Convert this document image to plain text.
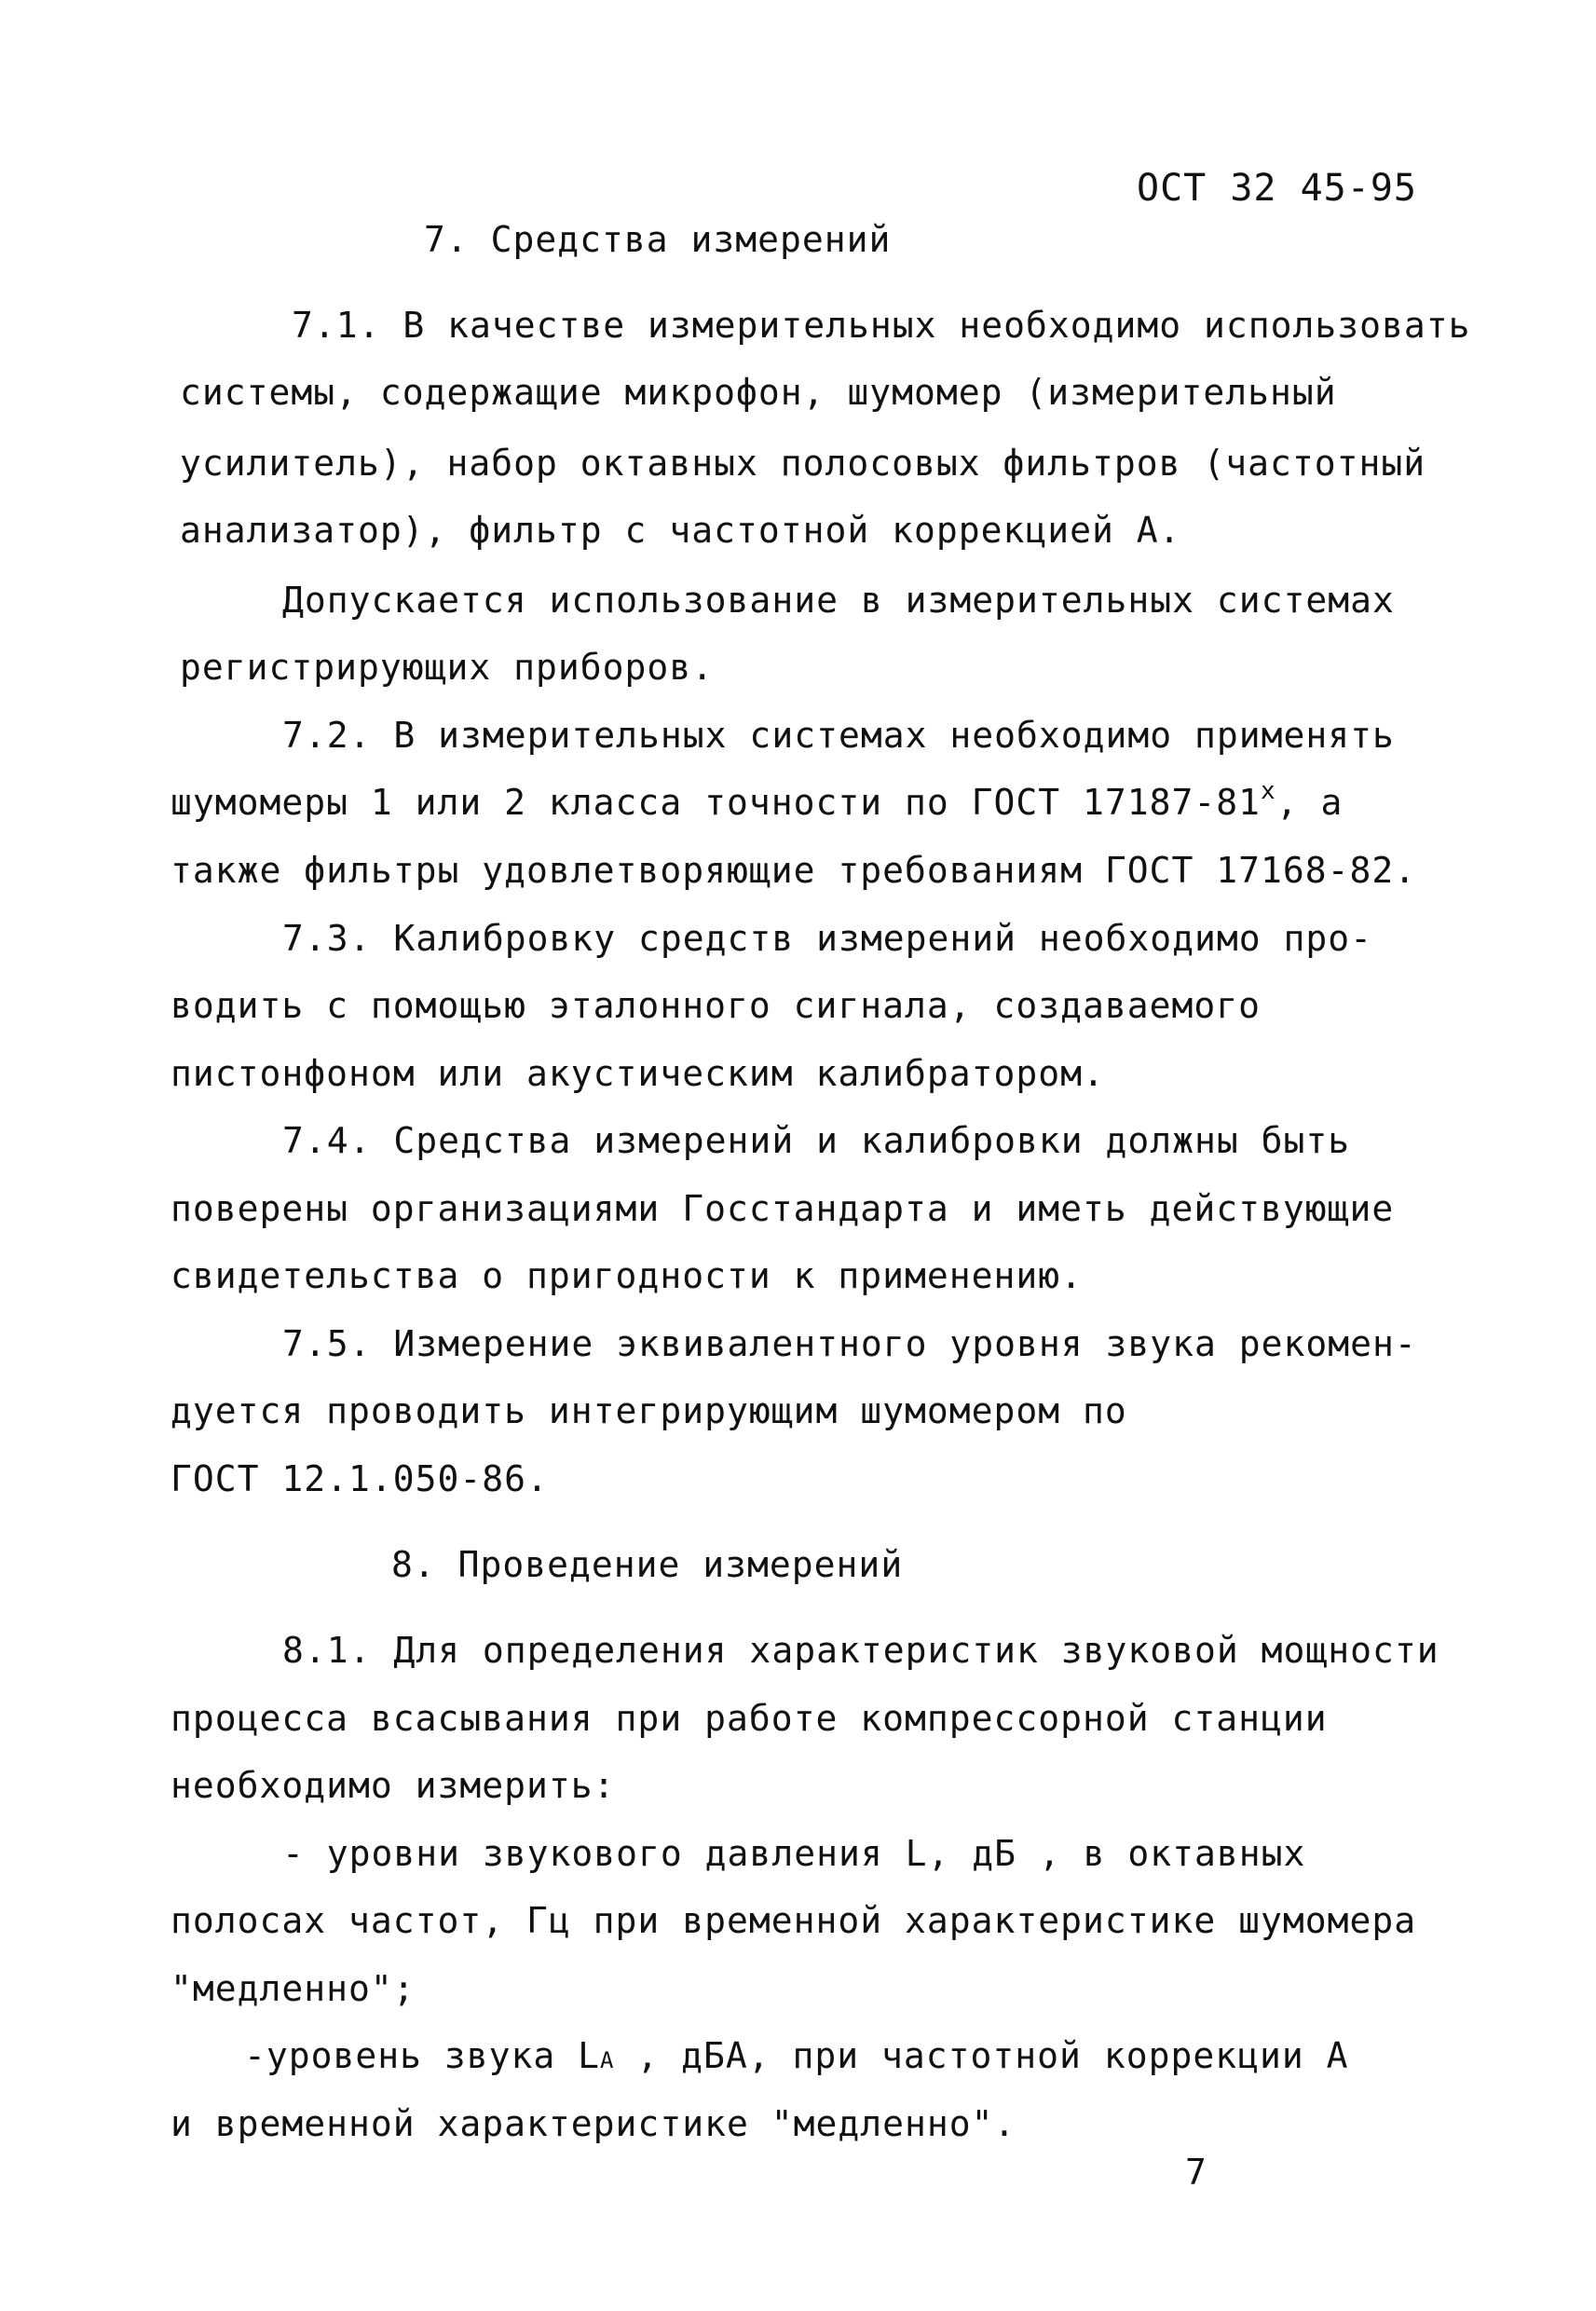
ОСТ 32 45-95
7. Средства измерений
7.1. В качестве измерительных необходимо использовать
системы, содержащие микрофон, шумомер (измерительный
усилитель), набор октавных полосовых фильтров (частотный
анализатор), фильтр с частотной коррекцией А.
Допускается использование в измерительных системах
регистрирующих приборов.
7.2. В измерительных системах необходимо применять
шумомеры 1 или 2 класса точности по ГОСТ $17187-81^х$, а
также фильтры удовлетворяющие требованиям ГОСТ 17168-82.
7.3. Калибровку средств измерений необходимо про-
водить с помощью эталонного сигнала, создаваемого
пистонфоном или акустическим калибратором.
7.4. Средства измерений и калибровки должны быть
поверены организациями Госстандарта и иметь действующие
свидетельства о пригодности к применению.
7.5. Измерение эквивалентного уровня звука рекомен-
дуется проводить интегрирующим шумомером по
ГОСТ 12.1.050-86.
8. Проведение измерений
8.1. Для определения характеристик звуковой мощности
процесса всасывания при работе компрессорной станции
необходимо измерить:
- уровни звукового давления L, дБ , в октавных
полосах частот, Гц при временной характеристике шумомера
"медленно";
-уровень звука LА , дБА, при частотной коррекции А
и временной характеристике "медленно".
7
